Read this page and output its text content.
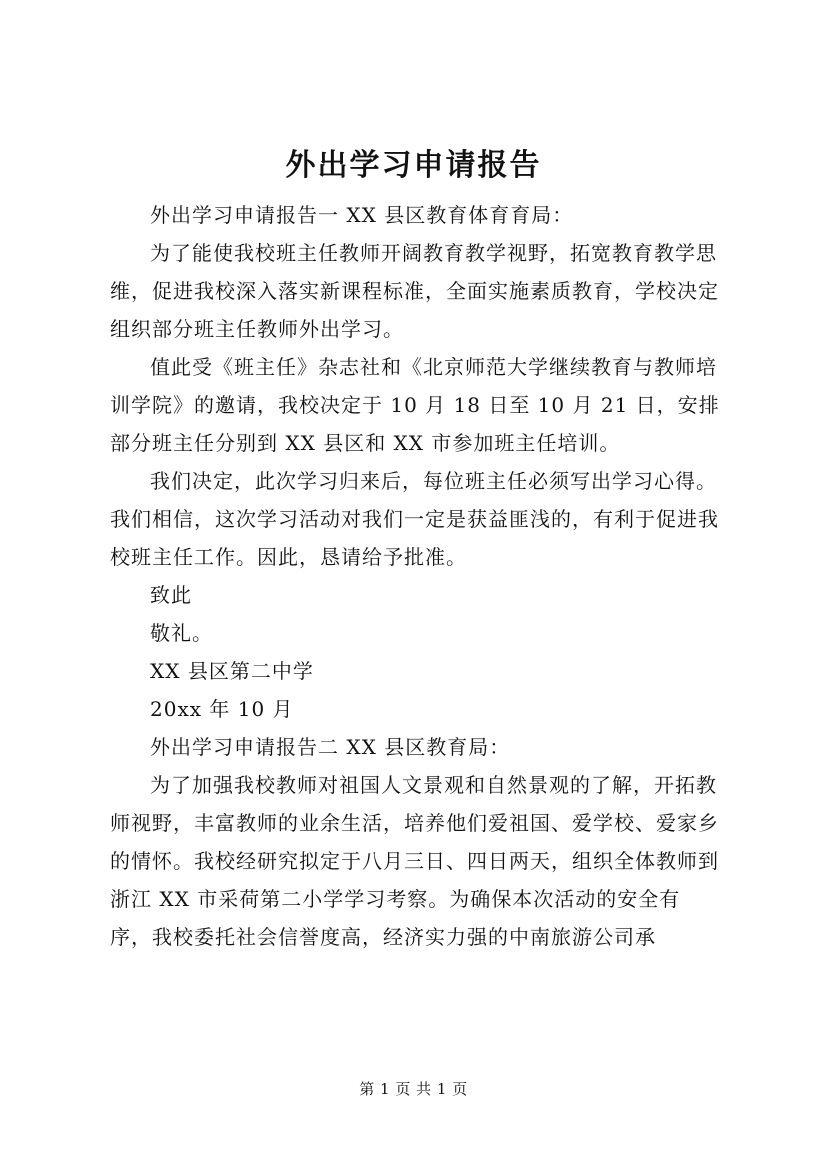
外出学习申请报告

外出学习申请报告一 XX 县区教育体育育局：

为了能使我校班主任教师开阔教育教学视野，拓宽教育教学思维，促进我校深入落实新课程标准，全面实施素质教育，学校决定组织部分班主任教师外出学习。

值此受《班主任》杂志社和《北京师范大学继续教育与教师培训学院》的邀请，我校决定于 10 月 18 日至 10 月 21 日，安排部分班主任分别到 XX 县区和 XX 市参加班主任培训。

我们决定，此次学习归来后，每位班主任必须写出学习心得。我们相信，这次学习活动对我们一定是获益匪浅的，有利于促进我校班主任工作。因此，恳请给予批准。

致此

敬礼。

XX 县区第二中学

20xx 年 10 月

外出学习申请报告二 XX 县区教育局：

为了加强我校教师对祖国人文景观和自然景观的了解，开拓教师视野，丰富教师的业余生活，培养他们爱祖国、爱学校、爱家乡的情怀。我校经研究拟定于八月三日、四日两天，组织全体教师到浙江 XX 市采荷第二小学学习考察。为确保本次活动的安全有序，我校委托社会信誉度高，经济实力强的中南旅游公司承

第 1 页 共 1 页
